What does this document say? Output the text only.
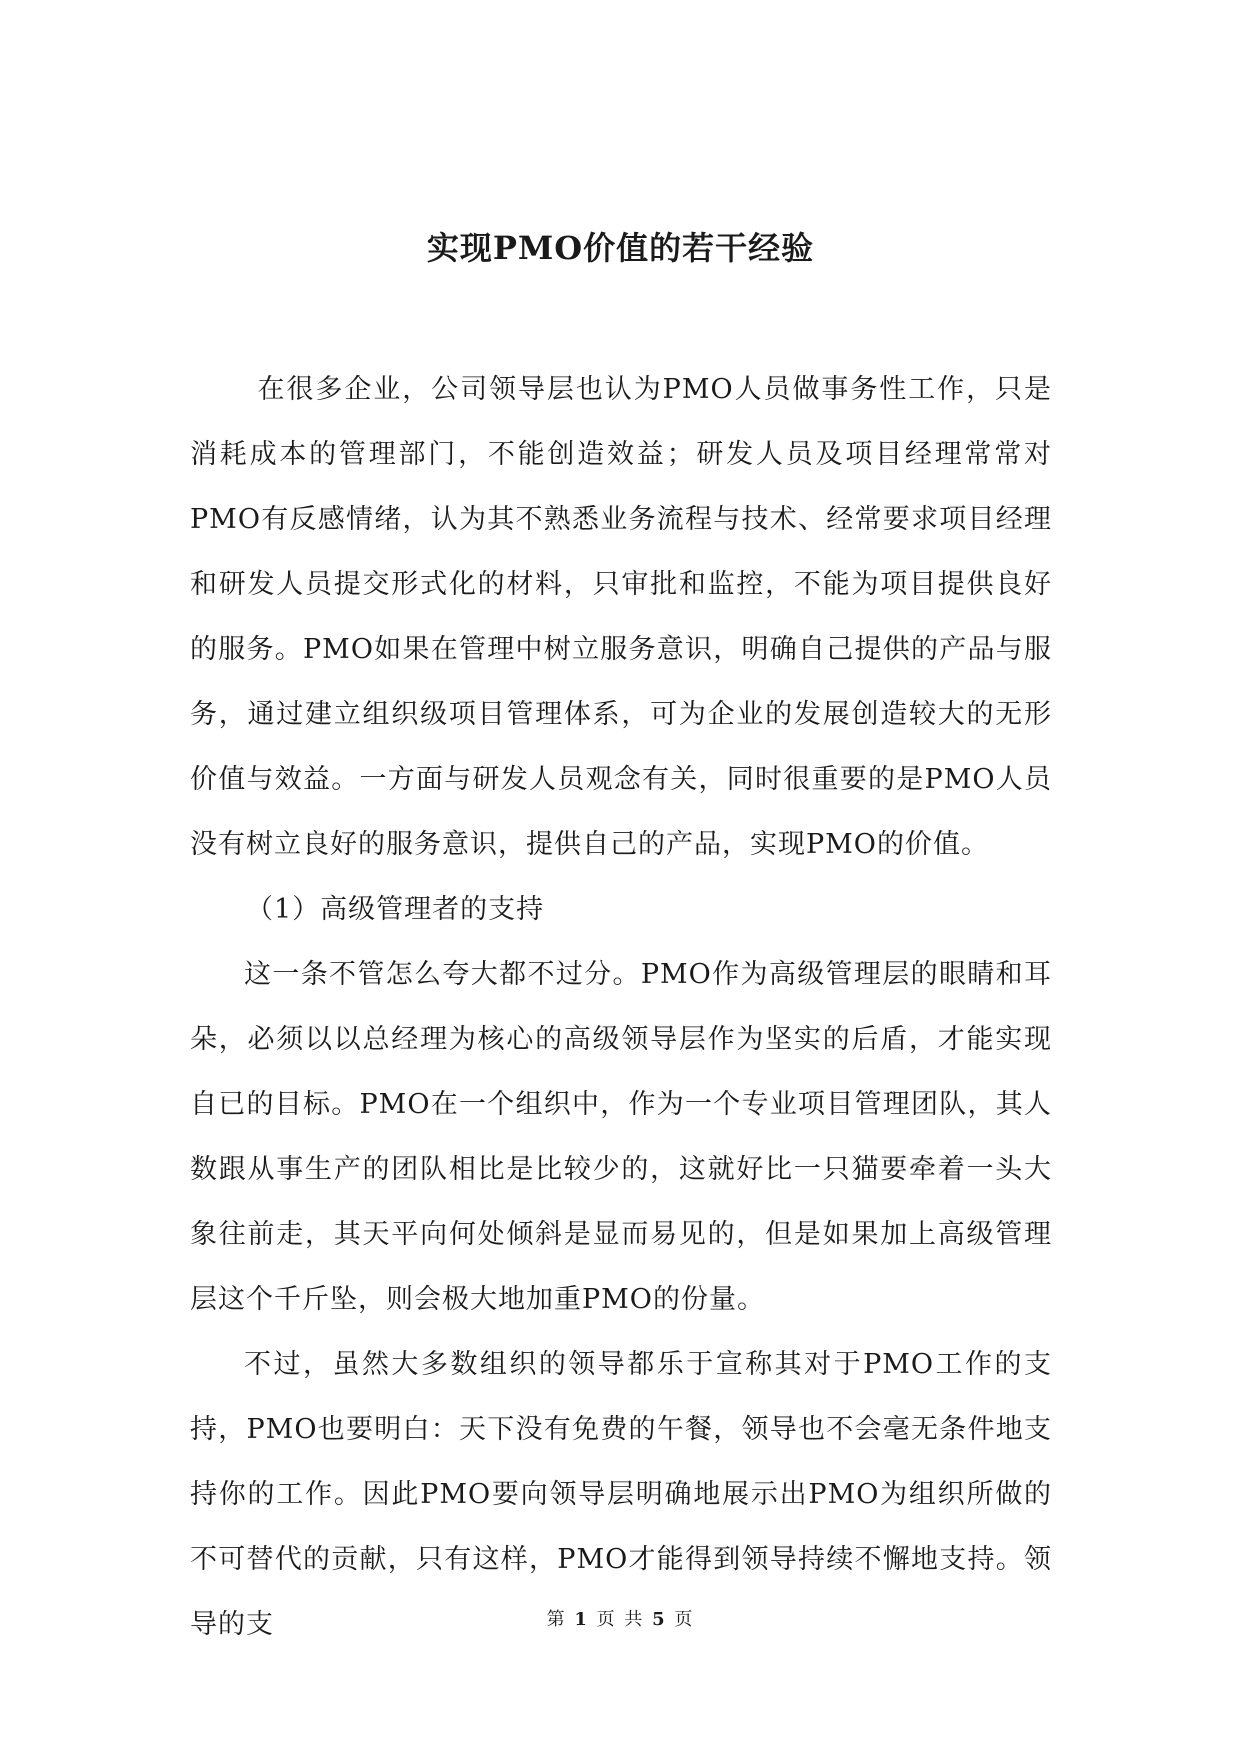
实现PMO价值的若干经验

在很多企业，公司领导层也认为PMO人员做事务性工作，只是消耗成本的管理部门，不能创造效益；研发人员及项目经理常常对PMO有反感情绪，认为其不熟悉业务流程与技术、经常要求项目经理和研发人员提交形式化的材料，只审批和监控，不能为项目提供良好的服务。PMO如果在管理中树立服务意识，明确自己提供的产品与服务，通过建立组织级项目管理体系，可为企业的发展创造较大的无形价值与效益。一方面与研发人员观念有关，同时很重要的是PMO人员没有树立良好的服务意识，提供自己的产品，实现PMO的价值。

（1）高级管理者的支持

这一条不管怎么夸大都不过分。PMO作为高级管理层的眼睛和耳朵，必须以以总经理为核心的高级领导层作为坚实的后盾，才能实现自已的目标。PMO在一个组织中，作为一个专业项目管理团队，其人数跟从事生产的团队相比是比较少的，这就好比一只猫要牵着一头大象往前走，其天平向何处倾斜是显而易见的，但是如果加上高级管理层这个千斤坠，则会极大地加重PMO的份量。

不过，虽然大多数组织的领导都乐于宣称其对于PMO工作的支持，PMO也要明白：天下没有免费的午餐，领导也不会毫无条件地支持你的工作。因此PMO要向领导层明确地展示出PMO为组织所做的不可替代的贡献，只有这样，PMO才能得到领导持续不懈地支持。领导的支	第 1 页 共 5 页
